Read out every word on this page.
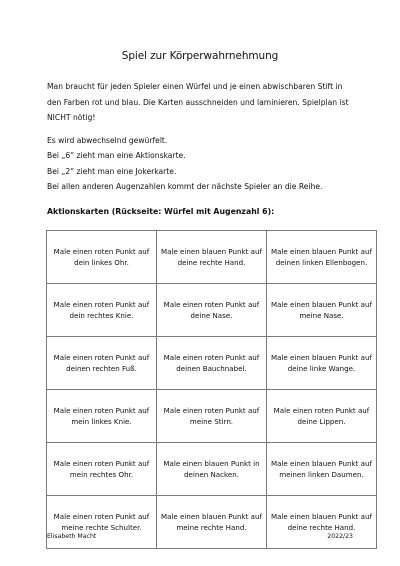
Spiel zur Körperwahrnehmung

Man braucht für jeden Spieler einen Würfel und je einen abwischbaren Stift in den Farben rot und blau. Die Karten ausschneiden und laminieren. Spielplan ist NICHT nötig!

Es wird abwechselnd gewürfelt.
Bei „6“ zieht man eine Aktionskarte.
Bei „2“ zieht man eine Jokerkarte.
Bei allen anderen Augenzahlen kommt der nächste Spieler an die Reihe.
Aktionskarten (Rückseite: Würfel mit Augenzahl 6):
Male einen roten Punkt auf dein linkes Ohr.	Male einen blauen Punkt auf deine rechte Hand.	Male einen blauen Punkt auf deinen linken Ellenbogen.
Male einen roten Punkt auf dein rechtes Knie.	Male einen roten Punkt auf deine Nase.	Male einen blauen Punkt auf meine Nase.
Male einen roten Punkt auf deinen rechten Fuß.	Male einen roten Punkt auf deinen Bauchnabel.	Male einen blauen Punkt auf deine linke Wange.
Male einen roten Punkt auf mein linkes Knie.	Male einen roten Punkt auf meine Stirn.	Male einen roten Punkt auf deine Lippen.
Male einen roten Punkt auf mein rechtes Ohr.	Male einen blauen Punkt in deinen Nacken.	Male einen blauen Punkt auf meinen linken Daumen.
Male einen roten Punkt auf meine rechte Schulter.	Male einen blauen Punkt auf meine rechte Hand.	Male einen blauen Punkt auf deine rechte Hand.
Elisabeth Macht	2022/23
